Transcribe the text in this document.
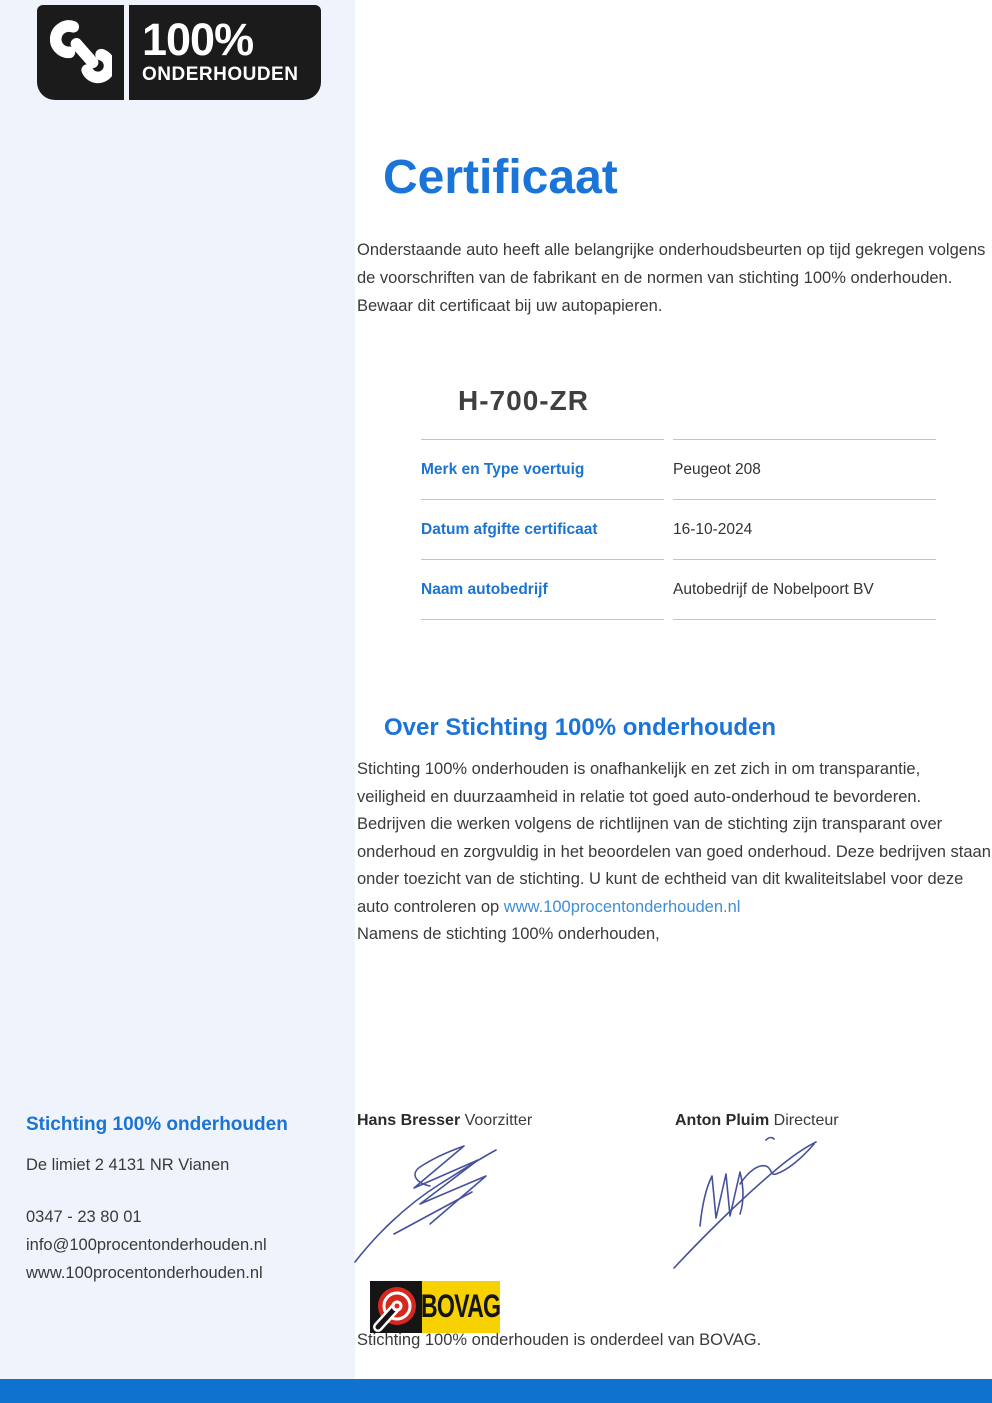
100%
ONDERHOUDEN
Certificaat
Onderstaande auto heeft alle belangrijke onderhoudsbeurten op tijd gekregen volgens de voorschriften van de fabrikant en de normen van stichting 100% onderhouden. Bewaar dit certificaat bij uw autopapieren.
H-700-ZR
Merk en Type voertuig	Peugeot 208
Datum afgifte certificaat	16-10-2024
Naam autobedrijf	Autobedrijf de Nobelpoort BV
Over Stichting 100% onderhouden
Stichting 100% onderhouden is onafhankelijk en zet zich in om transparantie, veiligheid en duurzaamheid in relatie tot goed auto-onderhoud te bevorderen. Bedrijven die werken volgens de richtlijnen van de stichting zijn transparant over onderhoud en zorgvuldig in het beoordelen van goed onderhoud. Deze bedrijven staan onder toezicht van de stichting. U kunt de echtheid van dit kwaliteitslabel voor deze auto controleren op www.100procentonderhouden.nl
Namens de stichting 100% onderhouden,
Hans Bresser Voorzitter	Anton Pluim Directeur
BOVAG
Stichting 100% onderhouden is onderdeel van BOVAG.
Stichting 100% onderhouden
De limiet 2 4131 NR Vianen
0347 - 23 80 01
info@100procentonderhouden.nl
www.100procentonderhouden.nl
